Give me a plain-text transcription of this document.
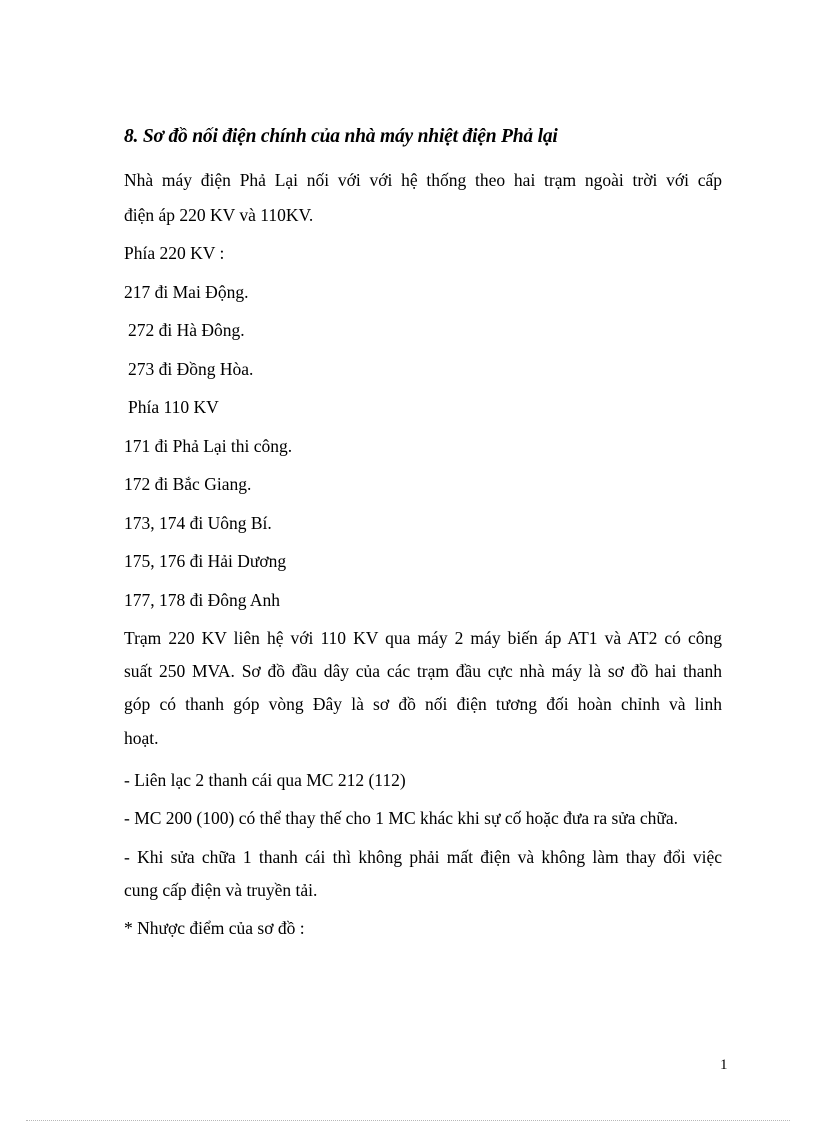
8. Sơ đồ nối điện chính của nhà máy nhiệt điện Phả lại
Nhà máy điện Phả Lại nối với với hệ thống theo hai trạm ngoài trời với cấp
điện áp 220 KV và 110KV.
Phía 220 KV :
217 đi Mai Động.
272 đi Hà Đông.
273 đi Đồng Hòa.
Phía 110 KV
171 đi Phả Lại thi công.
172 đi Bắc Giang.
173, 174 đi Uông Bí.
175, 176 đi Hải Dương
177, 178 đi Đông Anh
Trạm 220 KV liên hệ với 110 KV qua máy 2 máy biến áp AT1 và AT2 có công
suất 250 MVA. Sơ đồ đầu dây của các trạm đầu cực nhà máy là sơ đồ hai thanh
góp có thanh góp vòng Đây là sơ đồ nối điện tương đối hoàn chỉnh và linh
hoạt.
- Liên lạc 2 thanh cái qua MC 212 (112)
- MC 200 (100) có thể thay thế cho 1 MC khác khi sự cố hoặc đưa ra sửa chữa.
- Khi sửa chữa 1 thanh cái thì không phải mất điện và không làm thay đổi việc
cung cấp điện và truyền tải.
* Nhược điểm của sơ đồ :
1
